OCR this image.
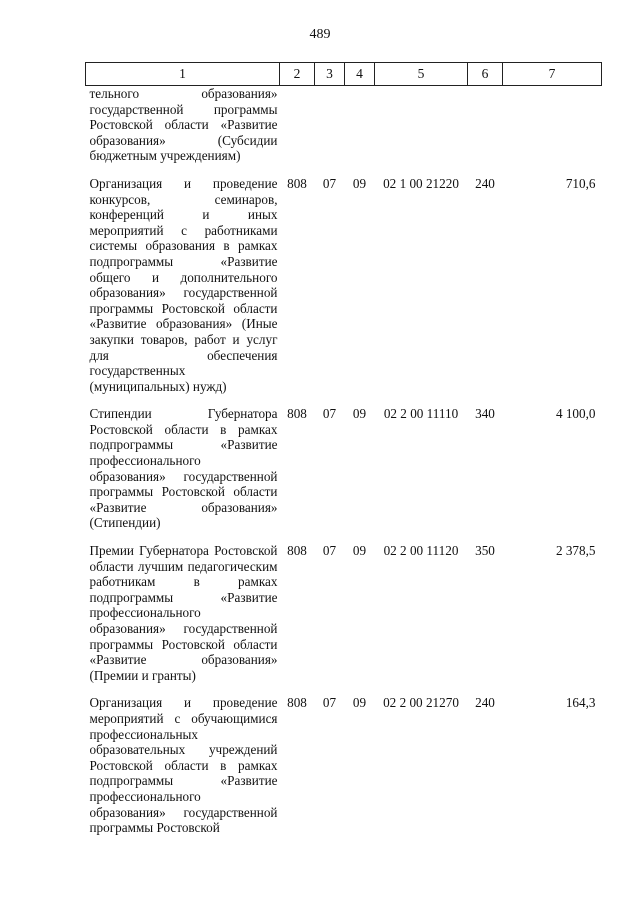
489
1	2	3	4	5	6	7
тельного образования» государственной программы Ростовской области «Развитие образования» (Субсидии бюджетным учреждениям)						

Организация и проведение конкурсов, семинаров, конференций и иных мероприятий с работниками системы образования в рамках подпрограммы «Развитие общего и дополнительного образования» государственной программы Ростовской области «Развитие образования» (Иные закупки товаров, работ и услуг для обеспечения государственных (муниципальных) нужд)	808	07	09	02 1 00 21220	240	710,6

Стипендии Губернатора Ростовской области в рамках подпрограммы «Развитие профессионального образования» государственной программы Ростовской области «Развитие образования» (Стипендии)	808	07	09	02 2 00 11110	340	4 100,0

Премии Губернатора Ростовской области лучшим педагогическим работникам в рамках подпрограммы «Развитие профессионального образования» государственной программы Ростовской области «Развитие образования» (Премии и гранты)	808	07	09	02 2 00 11120	350	2 378,5

Организация и проведение мероприятий с обучающимися профессиональных образовательных учреждений Ростовской области в рамках подпрограммы «Развитие профессионального образования» государственной программы Ростовской	808	07	09	02 2 00 21270	240	164,3
